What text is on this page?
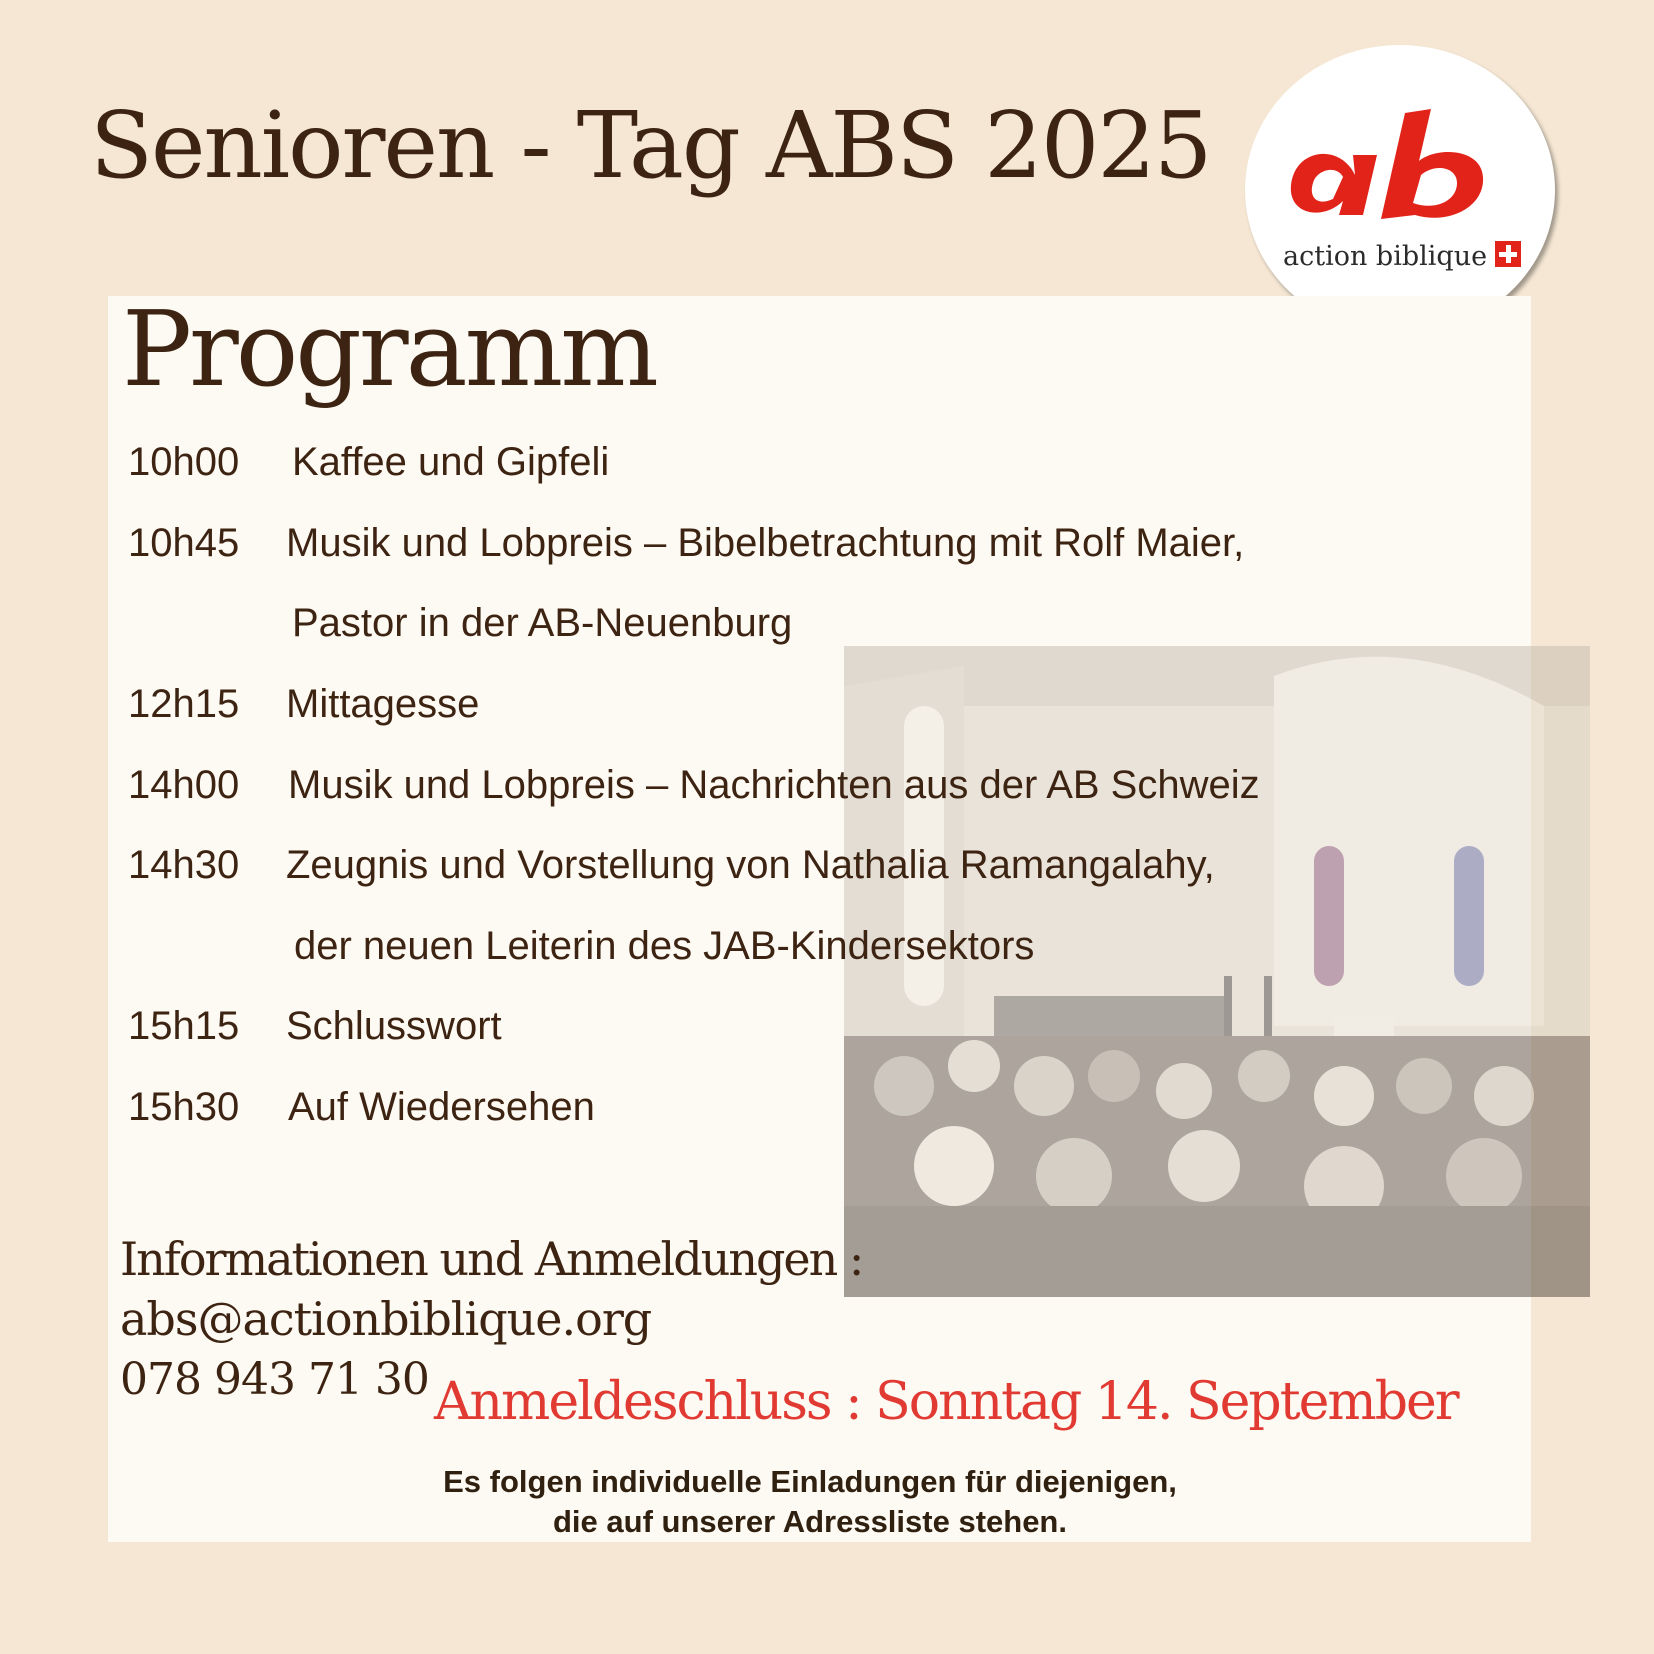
Senioren - Tag ABS 2025
action biblique
Programm
10h00 Kaffee und Gipfeli
10h45 Musik und Lobpreis – Bibelbetrachtung mit Rolf Maier,
Pastor in der AB-Neuenburg
12h15 Mittagesse
14h00 Musik und Lobpreis – Nachrichten aus der AB Schweiz
14h30 Zeugnis und Vorstellung von Nathalia Ramangalahy,
der neuen Leiterin des JAB-Kindersektors
15h15 Schlusswort
15h30 Auf Wiedersehen
Informationen und Anmeldungen :
abs@actionbiblique.org
078 943 71 30 Anmeldeschluss : Sonntag 14. September
Es folgen individuelle Einladungen für diejenigen,
die auf unserer Adressliste stehen.
